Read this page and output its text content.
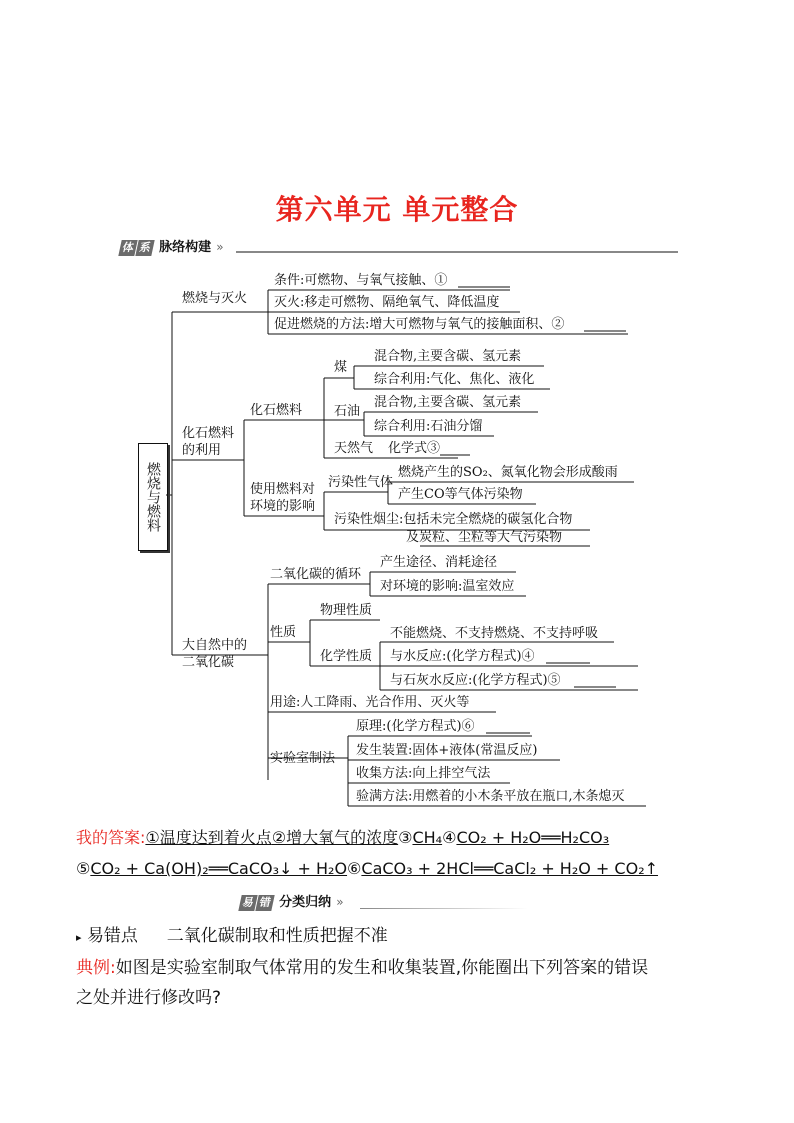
第六单元 单元整合
体 系 脉络构建 »
燃烧与燃料
燃烧与灭火
条件:可燃物、与氧气接触、①
灭火:移走可燃物、隔绝氧气、降低温度
促进燃烧的方法:增大可燃物与氧气的接触面积、②
化石燃料
的利用
化石燃料
煤
混合物,主要含碳、氢元素
综合利用:气化、焦化、液化
石油
混合物,主要含碳、氢元素
综合利用:石油分馏
天然气 化学式③
使用燃料对
环境的影响
污染性气体
燃烧产生的SO₂、氮氧化物会形成酸雨
产生CO等气体污染物
污染性烟尘:包括未完全燃烧的碳氢化合物
及炭粒、尘粒等大气污染物
大自然中的
二氧化碳
二氧化碳的循环
产生途径、消耗途径
对环境的影响:温室效应
性质
物理性质
化学性质
不能燃烧、不支持燃烧、不支持呼吸
与水反应:(化学方程式)④
与石灰水反应:(化学方程式)⑤
用途:人工降雨、光合作用、灭火等
实验室制法
原理:(化学方程式)⑥
发生装置:固体+液体(常温反应)
收集方法:向上排空气法
验满方法:用燃着的小木条平放在瓶口,木条熄灭
我的答案:①温度达到着火点②增大氧气的浓度③CH₄④CO₂ + H₂O══H₂CO₃
⑤CO₂ + Ca(OH)₂══CaCO₃↓ + H₂O⑥CaCO₃ + 2HCl══CaCl₂ + H₂O + CO₂↑
易 错 分类归纳 »
▸ 易错点 二氧化碳制取和性质把握不准
典例:如图是实验室制取气体常用的发生和收集装置,你能圈出下列答案的错误
之处并进行修改吗?
